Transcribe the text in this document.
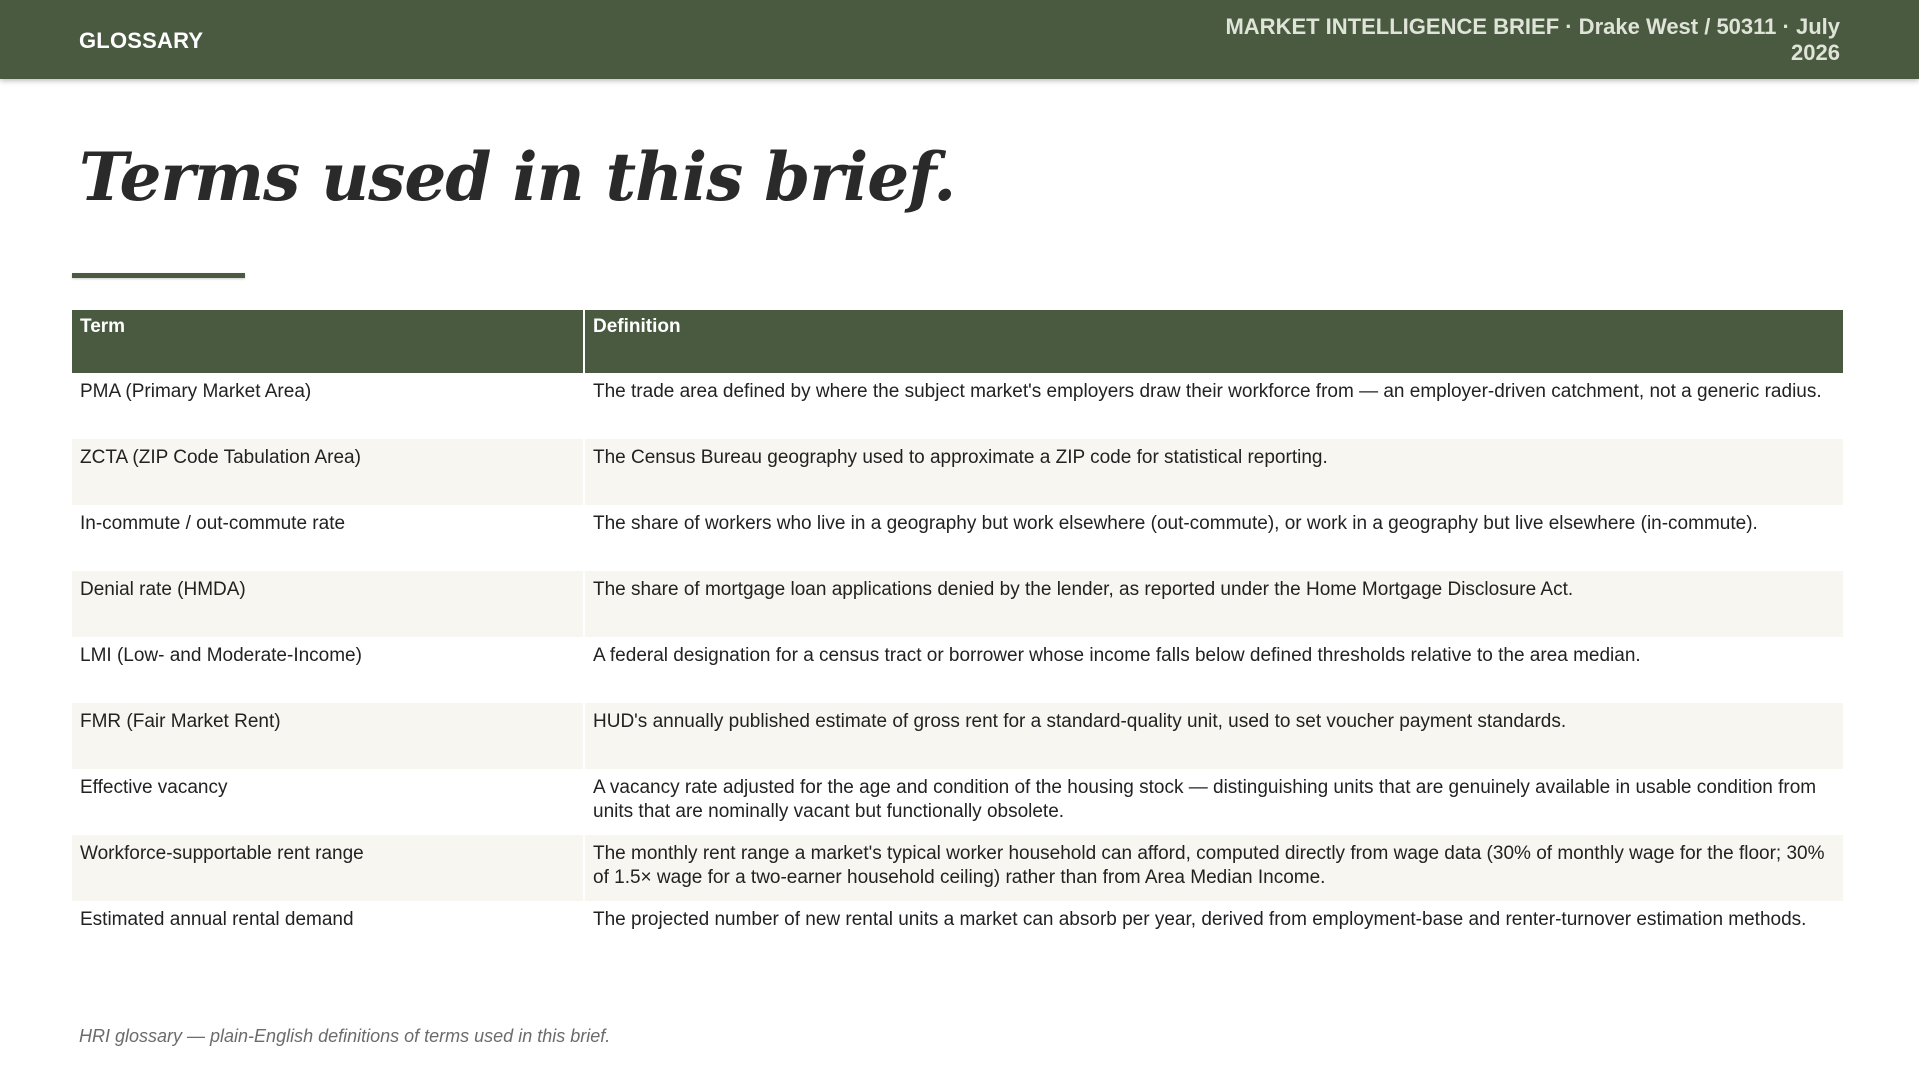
GLOSSARY
MARKET INTELLIGENCE BRIEF · Drake West / 50311 · July 2026
Terms used in this brief.
Term	Definition
PMA (Primary Market Area)	The trade area defined by where the subject market's employers draw their workforce from — an employer-driven catchment, not a generic radius.
ZCTA (ZIP Code Tabulation Area)	The Census Bureau geography used to approximate a ZIP code for statistical reporting.
In-commute / out-commute rate	The share of workers who live in a geography but work elsewhere (out-commute), or work in a geography but live elsewhere (in-commute).
Denial rate (HMDA)	The share of mortgage loan applications denied by the lender, as reported under the Home Mortgage Disclosure Act.
LMI (Low- and Moderate-Income)	A federal designation for a census tract or borrower whose income falls below defined thresholds relative to the area median.
FMR (Fair Market Rent)	HUD's annually published estimate of gross rent for a standard-quality unit, used to set voucher payment standards.
Effective vacancy	A vacancy rate adjusted for the age and condition of the housing stock — distinguishing units that are genuinely available in usable condition from units that are nominally vacant but functionally obsolete.
Workforce-supportable rent range	The monthly rent range a market's typical worker household can afford, computed directly from wage data (30% of monthly wage for the floor; 30% of 1.5× wage for a two-earner household ceiling) rather than from Area Median Income.
Estimated annual rental demand	The projected number of new rental units a market can absorb per year, derived from employment-base and renter-turnover estimation methods.
HRI glossary — plain-English definitions of terms used in this brief.
